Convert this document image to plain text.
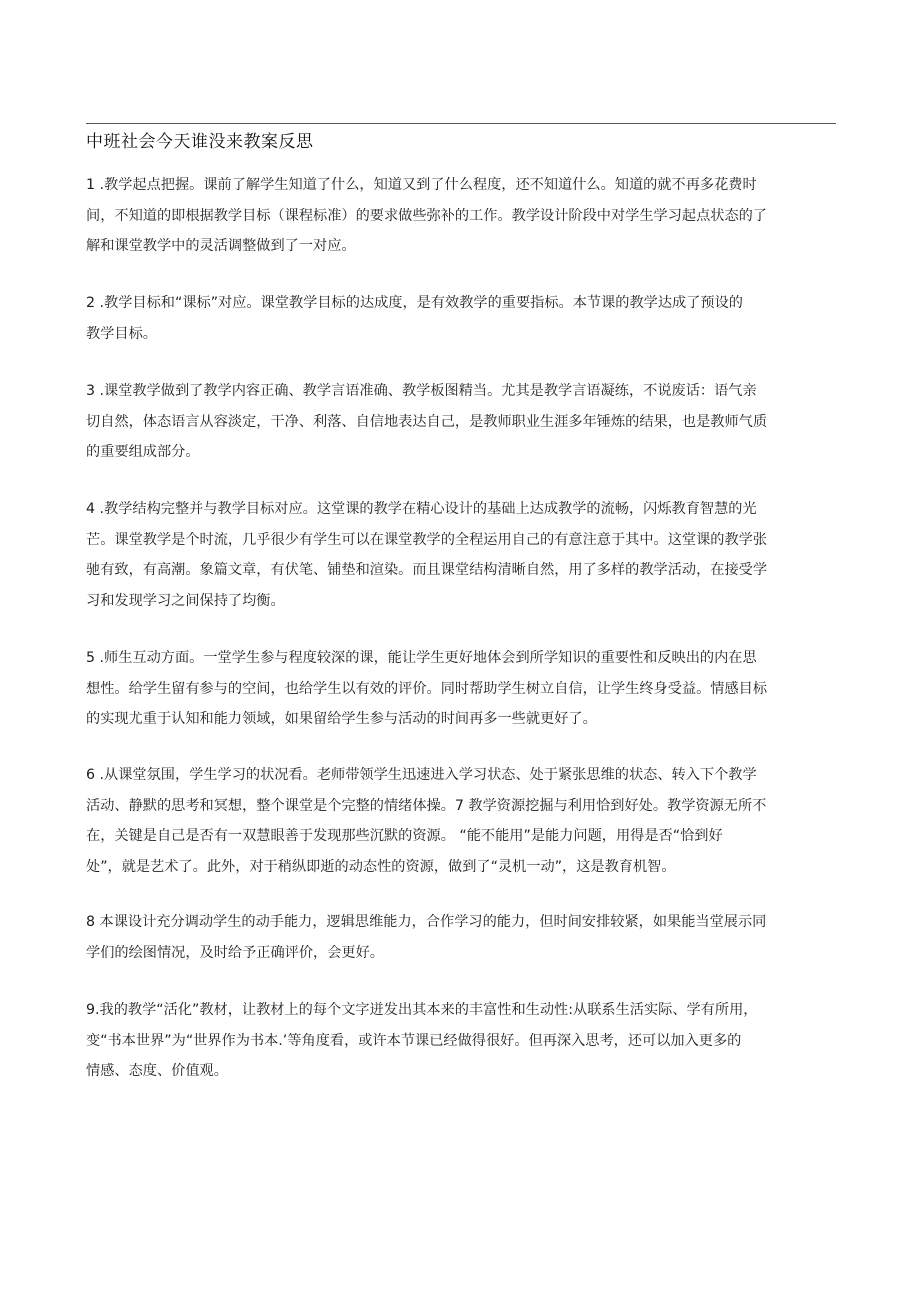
中班社会今天谁没来教案反思

1 .教学起点把握。课前了解学生知道了什么，知道又到了什么程度，还不知道什么。知道的就不再多花费时
间，不知道的即根据教学目标（课程标准）的要求做些弥补的工作。教学设计阶段中对学生学习起点状态的了
解和课堂教学中的灵活调整做到了一对应。

2 .教学目标和“课标”对应。课堂教学目标的达成度，是有效教学的重要指标。本节课的教学达成了预设的
教学目标。

3 .课堂教学做到了教学内容正确、教学言语准确、教学板图精当。尤其是教学言语凝练，不说废话：语气亲
切自然，体态语言从容淡定，干净、利落、自信地表达自己，是教师职业生涯多年锤炼的结果，也是教师气质
的重要组成部分。

4 .教学结构完整并与教学目标对应。这堂课的教学在精心设计的基础上达成教学的流畅，闪烁教育智慧的光
芒。课堂教学是个时流，几乎很少有学生可以在课堂教学的全程运用自己的有意注意于其中。这堂课的教学张
驰有致，有高潮。象篇文章，有伏笔、铺垫和渲染。而且课堂结构清晰自然，用了多样的教学活动，在接受学
习和发现学习之间保持了均衡。

5 .师生互动方面。一堂学生参与程度较深的课，能让学生更好地体会到所学知识的重要性和反映出的内在思
想性。给学生留有参与的空间，也给学生以有效的评价。同时帮助学生树立自信，让学生终身受益。情感目标
的实现尤重于认知和能力领域，如果留给学生参与活动的时间再多一些就更好了。

6 .从课堂氛围，学生学习的状况看。老师带领学生迅速进入学习状态、处于紧张思维的状态、转入下个教学
活动、静默的思考和冥想，整个课堂是个完整的情绪体操。7 教学资源挖掘与利用恰到好处。教学资源无所不
在，关键是自己是否有一双慧眼善于发现那些沉默的资源。 “能不能用”是能力问题，用得是否“恰到好
处”，就是艺术了。此外，对于稍纵即逝的动态性的资源，做到了“灵机一动”，这是教育机智。

8 本课设计充分调动学生的动手能力，逻辑思维能力，合作学习的能力，但时间安排较紧，如果能当堂展示同
学们的绘图情况，及时给予正确评价，会更好。

9.我的教学“活化”教材，让教材上的每个文字迸发出其本来的丰富性和生动性:从联系生活实际、学有所用，
变“书本世界”为“世界作为书本.’等角度看，或许本节课已经做得很好。但再深入思考，还可以加入更多的
情感、态度、价值观。
